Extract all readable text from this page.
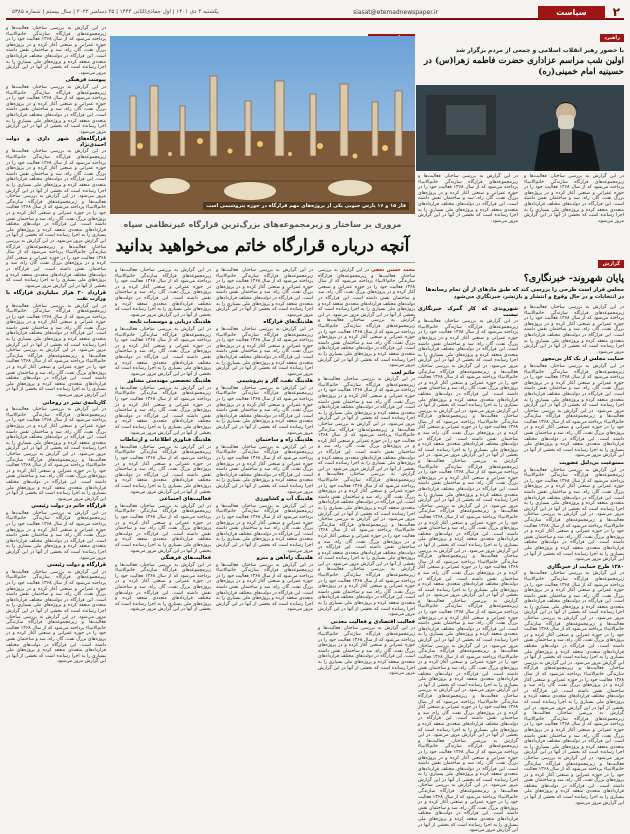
۲
سیاست
siasat@etemadnewspaper.ir
یکشنبه ۴ دی ۱۴۰۱ | اول جمادی‌الثانی ۱۴۴۴ | ۲۵ دسامبر ۲۰۲۲ | سال بیستم | شماره ۵۳۸۵
راهبرد
با حضور رهبر انقلاب اسلامی و جمعی از مردم برگزار شد
اولین شب مراسم عزاداری حضرت فاطمه زهرا(س) در حسینیه امام خمینی(ره)
در این گزارش به بررسی ساختار، فعالیت‌ها و زیرمجموعه‌های قرارگاه سازندگی خاتم‌الانبیاء پرداخته می‌شود که از سال ۱۳۶۸ فعالیت خود را در حوزه عمرانی و صنعتی آغاز کرده و در پروژه‌های بزرگ نفت، گاز، راه، سد و ساختمان نقش داشته است. این قرارگاه در دولت‌های مختلف قراردادهای متعددی منعقد کرده و پروژه‌های ملی بسیاری را به اجرا رسانده است که بخشی از آنها در این گزارش مرور می‌شود.
در این گزارش به بررسی ساختار، فعالیت‌ها و زیرمجموعه‌های قرارگاه سازندگی خاتم‌الانبیاء پرداخته می‌شود که از سال ۱۳۶۸ فعالیت خود را در حوزه عمرانی و صنعتی آغاز کرده و در پروژه‌های بزرگ نفت، گاز، راه، سد و ساختمان نقش داشته است. این قرارگاه در دولت‌های مختلف قراردادهای متعددی منعقد کرده و پروژه‌های ملی بسیاری را به اجرا رسانده است که بخشی از آنها در این گزارش مرور می‌شود.
گزارش
پایان شهروند- خبرنگاری؟
مجلس قرار است طرحی را بررسی کند که طبق مادهای از آن تمام رسانه‌ها در انتخابات و در حال وقوع و انتشار و بازنشر، خبرنگاری می‌شود
در این گزارش به بررسی ساختار، فعالیت‌ها و زیرمجموعه‌های قرارگاه سازندگی خاتم‌الانبیاء پرداخته می‌شود که از سال ۱۳۶۸ فعالیت خود را در حوزه عمرانی و صنعتی آغاز کرده و در پروژه‌های بزرگ نفت، گاز، راه، سد و ساختمان نقش داشته است. این قرارگاه در دولت‌های مختلف قراردادهای متعددی منعقد کرده و پروژه‌های ملی بسیاری را به اجرا رسانده است که بخشی از آنها در این گزارش مرور می‌شود.
حمایت مجلس از یک کار بی‌مجوز
در این گزارش به بررسی ساختار، فعالیت‌ها و زیرمجموعه‌های قرارگاه سازندگی خاتم‌الانبیاء پرداخته می‌شود که از سال ۱۳۶۸ فعالیت خود را در حوزه عمرانی و صنعتی آغاز کرده و در پروژه‌های بزرگ نفت، گاز، راه، سد و ساختمان نقش داشته است. این قرارگاه در دولت‌های مختلف قراردادهای متعددی منعقد کرده و پروژه‌های ملی بسیاری را به اجرا رسانده است که بخشی از آنها در این گزارش مرور می‌شود. در این گزارش به بررسی ساختار، فعالیت‌ها و زیرمجموعه‌های قرارگاه سازندگی خاتم‌الانبیاء پرداخته می‌شود که از سال ۱۳۶۸ فعالیت خود را در حوزه عمرانی و صنعتی آغاز کرده و در پروژه‌های بزرگ نفت، گاز، راه، سد و ساختمان نقش داشته است. این قرارگاه در دولت‌های مختلف قراردادهای متعددی منعقد کرده و پروژه‌های ملی بسیاری را به اجرا رسانده است که بخشی از آنها در این گزارش مرور می‌شود.
ممنوعیت بی‌دلیل عضویت
در این گزارش به بررسی ساختار، فعالیت‌ها و زیرمجموعه‌های قرارگاه سازندگی خاتم‌الانبیاء پرداخته می‌شود که از سال ۱۳۶۸ فعالیت خود را در حوزه عمرانی و صنعتی آغاز کرده و در پروژه‌های بزرگ نفت، گاز، راه، سد و ساختمان نقش داشته است. این قرارگاه در دولت‌های مختلف قراردادهای متعددی منعقد کرده و پروژه‌های ملی بسیاری را به اجرا رسانده است که بخشی از آنها در این گزارش مرور می‌شود. در این گزارش به بررسی ساختار، فعالیت‌ها و زیرمجموعه‌های قرارگاه سازندگی خاتم‌الانبیاء پرداخته می‌شود که از سال ۱۳۶۸ فعالیت خود را در حوزه عمرانی و صنعتی آغاز کرده و در پروژه‌های بزرگ نفت، گاز، راه، سد و ساختمان نقش داشته است. این قرارگاه در دولت‌های مختلف قراردادهای متعددی منعقد کرده و پروژه‌های ملی بسیاری را به اجرا رسانده است که بخشی از آنها در این گزارش مرور می‌شود.
۱۲۸۰ طرح حمایت از خبرنگاری
در این گزارش به بررسی ساختار، فعالیت‌ها و زیرمجموعه‌های قرارگاه سازندگی خاتم‌الانبیاء پرداخته می‌شود که از سال ۱۳۶۸ فعالیت خود را در حوزه عمرانی و صنعتی آغاز کرده و در پروژه‌های بزرگ نفت، گاز، راه، سد و ساختمان نقش داشته است. این قرارگاه در دولت‌های مختلف قراردادهای متعددی منعقد کرده و پروژه‌های ملی بسیاری را به اجرا رسانده است که بخشی از آنها در این گزارش مرور می‌شود. در این گزارش به بررسی ساختار، فعالیت‌ها و زیرمجموعه‌های قرارگاه سازندگی خاتم‌الانبیاء پرداخته می‌شود که از سال ۱۳۶۸ فعالیت خود را در حوزه عمرانی و صنعتی آغاز کرده و در پروژه‌های بزرگ نفت، گاز، راه، سد و ساختمان نقش داشته است. این قرارگاه در دولت‌های مختلف قراردادهای متعددی منعقد کرده و پروژه‌های ملی بسیاری را به اجرا رسانده است که بخشی از آنها در این گزارش مرور می‌شود. در این گزارش به بررسی ساختار، فعالیت‌ها و زیرمجموعه‌های قرارگاه سازندگی خاتم‌الانبیاء پرداخته می‌شود که از سال ۱۳۶۸ فعالیت خود را در حوزه عمرانی و صنعتی آغاز کرده و در پروژه‌های بزرگ نفت، گاز، راه، سد و ساختمان نقش داشته است. این قرارگاه در دولت‌های مختلف قراردادهای متعددی منعقد کرده و پروژه‌های ملی بسیاری را به اجرا رسانده است که بخشی از آنها در این گزارش مرور می‌شود. در این گزارش به بررسی ساختار، فعالیت‌ها و زیرمجموعه‌های قرارگاه سازندگی خاتم‌الانبیاء پرداخته می‌شود که از سال ۱۳۶۸ فعالیت خود را در حوزه عمرانی و صنعتی آغاز کرده و در پروژه‌های بزرگ نفت، گاز، راه، سد و ساختمان نقش داشته است. این قرارگاه در دولت‌های مختلف قراردادهای متعددی منعقد کرده و پروژه‌های ملی بسیاری را به اجرا رسانده است که بخشی از آنها در این گزارش مرور می‌شود. در این گزارش به بررسی ساختار، فعالیت‌ها و زیرمجموعه‌های قرارگاه سازندگی خاتم‌الانبیاء پرداخته می‌شود که از سال ۱۳۶۸ فعالیت خود را در حوزه عمرانی و صنعتی آغاز کرده و در پروژه‌های بزرگ نفت، گاز، راه، سد و ساختمان نقش داشته است. این قرارگاه در دولت‌های مختلف قراردادهای متعددی منعقد کرده و پروژه‌های ملی بسیاری را به اجرا رسانده است که بخشی از آنها در این گزارش مرور می‌شود.
شهروندی که کار گمرک خبرنگاری نیست
در این گزارش به بررسی ساختار، فعالیت‌ها و زیرمجموعه‌های قرارگاه سازندگی خاتم‌الانبیاء پرداخته می‌شود که از سال ۱۳۶۸ فعالیت خود را در حوزه عمرانی و صنعتی آغاز کرده و در پروژه‌های بزرگ نفت، گاز، راه، سد و ساختمان نقش داشته است. این قرارگاه در دولت‌های مختلف قراردادهای متعددی منعقد کرده و پروژه‌های ملی بسیاری را به اجرا رسانده است که بخشی از آنها در این گزارش مرور می‌شود. در این گزارش به بررسی ساختار، فعالیت‌ها و زیرمجموعه‌های قرارگاه سازندگی خاتم‌الانبیاء پرداخته می‌شود که از سال ۱۳۶۸ فعالیت خود را در حوزه عمرانی و صنعتی آغاز کرده و در پروژه‌های بزرگ نفت، گاز، راه، سد و ساختمان نقش داشته است. این قرارگاه در دولت‌های مختلف قراردادهای متعددی منعقد کرده و پروژه‌های ملی بسیاری را به اجرا رسانده است که بخشی از آنها در این گزارش مرور می‌شود. در این گزارش به بررسی ساختار، فعالیت‌ها و زیرمجموعه‌های قرارگاه سازندگی خاتم‌الانبیاء پرداخته می‌شود که از سال ۱۳۶۸ فعالیت خود را در حوزه عمرانی و صنعتی آغاز کرده و در پروژه‌های بزرگ نفت، گاز، راه، سد و ساختمان نقش داشته است. این قرارگاه در دولت‌های مختلف قراردادهای متعددی منعقد کرده و پروژه‌های ملی بسیاری را به اجرا رسانده است که بخشی از آنها در این گزارش مرور می‌شود. در این گزارش به بررسی ساختار، فعالیت‌ها و زیرمجموعه‌های قرارگاه سازندگی خاتم‌الانبیاء پرداخته می‌شود که از سال ۱۳۶۸ فعالیت خود را در حوزه عمرانی و صنعتی آغاز کرده و در پروژه‌های بزرگ نفت، گاز، راه، سد و ساختمان نقش داشته است. این قرارگاه در دولت‌های مختلف قراردادهای متعددی منعقد کرده و پروژه‌های ملی بسیاری را به اجرا رسانده است که بخشی از آنها در این گزارش مرور می‌شود. در این گزارش به بررسی ساختار، فعالیت‌ها و زیرمجموعه‌های قرارگاه سازندگی خاتم‌الانبیاء پرداخته می‌شود که از سال ۱۳۶۸ فعالیت خود را در حوزه عمرانی و صنعتی آغاز کرده و در پروژه‌های بزرگ نفت، گاز، راه، سد و ساختمان نقش داشته است. این قرارگاه در دولت‌های مختلف قراردادهای متعددی منعقد کرده و پروژه‌های ملی بسیاری را به اجرا رسانده است که بخشی از آنها در این گزارش مرور می‌شود. در این گزارش به بررسی ساختار، فعالیت‌ها و زیرمجموعه‌های قرارگاه سازندگی خاتم‌الانبیاء پرداخته می‌شود که از سال ۱۳۶۸ فعالیت خود را در حوزه عمرانی و صنعتی آغاز کرده و در پروژه‌های بزرگ نفت، گاز، راه، سد و ساختمان نقش داشته است. این قرارگاه در دولت‌های مختلف قراردادهای متعددی منعقد کرده و پروژه‌های ملی بسیاری را به اجرا رسانده است که بخشی از آنها در این گزارش مرور می‌شود. در این گزارش به بررسی ساختار، فعالیت‌ها و زیرمجموعه‌های قرارگاه سازندگی خاتم‌الانبیاء پرداخته می‌شود که از سال ۱۳۶۸ فعالیت خود را در حوزه عمرانی و صنعتی آغاز کرده و در پروژه‌های بزرگ نفت، گاز، راه، سد و ساختمان نقش داشته است. این قرارگاه در دولت‌های مختلف قراردادهای متعددی منعقد کرده و پروژه‌های ملی بسیاری را به اجرا رسانده است که بخشی از آنها در این گزارش مرور می‌شود. در این گزارش به بررسی ساختار، فعالیت‌ها و زیرمجموعه‌های قرارگاه سازندگی خاتم‌الانبیاء پرداخته می‌شود که از سال ۱۳۶۸ فعالیت خود را در حوزه عمرانی و صنعتی آغاز کرده و در پروژه‌های بزرگ نفت، گاز، راه، سد و ساختمان نقش داشته است. این قرارگاه در دولت‌های مختلف قراردادهای متعددی منعقد کرده و پروژه‌های ملی بسیاری را به اجرا رسانده است که بخشی از آنها در این گزارش مرور می‌شود. در این گزارش به بررسی ساختار، فعالیت‌ها و زیرمجموعه‌های قرارگاه سازندگی خاتم‌الانبیاء پرداخته می‌شود که از سال ۱۳۶۸ فعالیت خود را در حوزه عمرانی و صنعتی آغاز کرده و در پروژه‌های بزرگ نفت، گاز، راه، سد و ساختمان نقش داشته است. این قرارگاه در دولت‌های مختلف قراردادهای متعددی منعقد کرده و پروژه‌های ملی بسیاری را به اجرا رسانده است که بخشی از آنها در این گزارش مرور می‌شود. در این گزارش به بررسی ساختار، فعالیت‌ها و زیرمجموعه‌های قرارگاه سازندگی خاتم‌الانبیاء پرداخته می‌شود که از سال ۱۳۶۸ فعالیت خود را در حوزه عمرانی و صنعتی آغاز کرده و در پروژه‌های بزرگ نفت، گاز، راه، سد و ساختمان نقش داشته است. این قرارگاه در دولت‌های مختلف قراردادهای متعددی منعقد کرده و پروژه‌های ملی بسیاری را به اجرا رسانده است که بخشی از آنها در این گزارش مرور می‌شود. در این گزارش به بررسی ساختار، فعالیت‌ها و زیرمجموعه‌های قرارگاه سازندگی خاتم‌الانبیاء پرداخته می‌شود که از سال ۱۳۶۸ فعالیت خود را در حوزه عمرانی و صنعتی آغاز کرده و در پروژه‌های بزرگ نفت، گاز، راه، سد و ساختمان نقش داشته است. این قرارگاه در دولت‌های مختلف قراردادهای متعددی منعقد کرده و پروژه‌های ملی بسیاری را به اجرا رسانده است که بخشی از آنها در این گزارش مرور می‌شود.
فاز ۱۵ و ۱۶ پارس جنوبی یکی از پروژه‌های مهم قرارگاه در حوزه پتروشیمی است
مروری بر ساختار و زیرمجموعه‌های بزرگ‌ترین قرارگاه غیرنظامی سپاه
آنچه درباره قرارگاه خاتم می‌خواهید بدانید
محمد حسین نجفی در این گزارش به بررسی ساختار، فعالیت‌ها و زیرمجموعه‌های قرارگاه سازندگی خاتم‌الانبیاء پرداخته می‌شود که از سال ۱۳۶۸ فعالیت خود را در حوزه عمرانی و صنعتی آغاز کرده و در پروژه‌های بزرگ نفت، گاز، راه، سد و ساختمان نقش داشته است. این قرارگاه در دولت‌های مختلف قراردادهای متعددی منعقد کرده و پروژه‌های ملی بسیاری را به اجرا رسانده است که بخشی از آنها در این گزارش مرور می‌شود. در این گزارش به بررسی ساختار، فعالیت‌ها و زیرمجموعه‌های قرارگاه سازندگی خاتم‌الانبیاء پرداخته می‌شود که از سال ۱۳۶۸ فعالیت خود را در حوزه عمرانی و صنعتی آغاز کرده و در پروژه‌های بزرگ نفت، گاز، راه، سد و ساختمان نقش داشته است. این قرارگاه در دولت‌های مختلف قراردادهای متعددی منعقد کرده و پروژه‌های ملی بسیاری را به اجرا رسانده است که بخشی از آنها در این گزارش مرور می‌شود.
خاتم لغت
در این گزارش به بررسی ساختار، فعالیت‌ها و زیرمجموعه‌های قرارگاه سازندگی خاتم‌الانبیاء پرداخته می‌شود که از سال ۱۳۶۸ فعالیت خود را در حوزه عمرانی و صنعتی آغاز کرده و در پروژه‌های بزرگ نفت، گاز، راه، سد و ساختمان نقش داشته است. این قرارگاه در دولت‌های مختلف قراردادهای متعددی منعقد کرده و پروژه‌های ملی بسیاری را به اجرا رسانده است که بخشی از آنها در این گزارش مرور می‌شود. در این گزارش به بررسی ساختار، فعالیت‌ها و زیرمجموعه‌های قرارگاه سازندگی خاتم‌الانبیاء پرداخته می‌شود که از سال ۱۳۶۸ فعالیت خود را در حوزه عمرانی و صنعتی آغاز کرده و در پروژه‌های بزرگ نفت، گاز، راه، سد و ساختمان نقش داشته است. این قرارگاه در دولت‌های مختلف قراردادهای متعددی منعقد کرده و پروژه‌های ملی بسیاری را به اجرا رسانده است که بخشی از آنها در این گزارش مرور می‌شود. در این گزارش به بررسی ساختار، فعالیت‌ها و زیرمجموعه‌های قرارگاه سازندگی خاتم‌الانبیاء پرداخته می‌شود که از سال ۱۳۶۸ فعالیت خود را در حوزه عمرانی و صنعتی آغاز کرده و در پروژه‌های بزرگ نفت، گاز، راه، سد و ساختمان نقش داشته است. این قرارگاه در دولت‌های مختلف قراردادهای متعددی منعقد کرده و پروژه‌های ملی بسیاری را به اجرا رسانده است که بخشی از آنها در این گزارش مرور می‌شود. در این گزارش به بررسی ساختار، فعالیت‌ها و زیرمجموعه‌های قرارگاه سازندگی خاتم‌الانبیاء پرداخته می‌شود که از سال ۱۳۶۸ فعالیت خود را در حوزه عمرانی و صنعتی آغاز کرده و در پروژه‌های بزرگ نفت، گاز، راه، سد و ساختمان نقش داشته است. این قرارگاه در دولت‌های مختلف قراردادهای متعددی منعقد کرده و پروژه‌های ملی بسیاری را به اجرا رسانده است که بخشی از آنها در این گزارش مرور می‌شود. در این گزارش به بررسی ساختار، فعالیت‌ها و زیرمجموعه‌های قرارگاه سازندگی خاتم‌الانبیاء پرداخته می‌شود که از سال ۱۳۶۸ فعالیت خود را در حوزه عمرانی و صنعتی آغاز کرده و در پروژه‌های بزرگ نفت، گاز، راه، سد و ساختمان نقش داشته است. این قرارگاه در دولت‌های مختلف قراردادهای متعددی منعقد کرده و پروژه‌های ملی بسیاری را به اجرا رسانده است که بخشی از آنها در این گزارش مرور می‌شود.
فعالیت اقتصادی و فعالیت معدنی
در این گزارش به بررسی ساختار، فعالیت‌ها و زیرمجموعه‌های قرارگاه سازندگی خاتم‌الانبیاء پرداخته می‌شود که از سال ۱۳۶۸ فعالیت خود را در حوزه عمرانی و صنعتی آغاز کرده و در پروژه‌های بزرگ نفت، گاز، راه، سد و ساختمان نقش داشته است. این قرارگاه در دولت‌های مختلف قراردادهای متعددی منعقد کرده و پروژه‌های ملی بسیاری را به اجرا رسانده است که بخشی از آنها در این گزارش مرور می‌شود.
در این گزارش به بررسی ساختار، فعالیت‌ها و زیرمجموعه‌های قرارگاه سازندگی خاتم‌الانبیاء پرداخته می‌شود که از سال ۱۳۶۸ فعالیت خود را در حوزه عمرانی و صنعتی آغاز کرده و در پروژه‌های بزرگ نفت، گاز، راه، سد و ساختمان نقش داشته است. این قرارگاه در دولت‌های مختلف قراردادهای متعددی منعقد کرده و پروژه‌های ملی بسیاری را به اجرا رسانده است که بخشی از آنها در این گزارش مرور می‌شود.
هلدینگ‌های قرارگاه
در این گزارش به بررسی ساختار، فعالیت‌ها و زیرمجموعه‌های قرارگاه سازندگی خاتم‌الانبیاء پرداخته می‌شود که از سال ۱۳۶۸ فعالیت خود را در حوزه عمرانی و صنعتی آغاز کرده و در پروژه‌های بزرگ نفت، گاز، راه، سد و ساختمان نقش داشته است. این قرارگاه در دولت‌های مختلف قراردادهای متعددی منعقد کرده و پروژه‌های ملی بسیاری را به اجرا رسانده است که بخشی از آنها در این گزارش مرور می‌شود.
هلدینگ نفت، گاز و پتروشیمی
در این گزارش به بررسی ساختار، فعالیت‌ها و زیرمجموعه‌های قرارگاه سازندگی خاتم‌الانبیاء پرداخته می‌شود که از سال ۱۳۶۸ فعالیت خود را در حوزه عمرانی و صنعتی آغاز کرده و در پروژه‌های بزرگ نفت، گاز، راه، سد و ساختمان نقش داشته است. این قرارگاه در دولت‌های مختلف قراردادهای متعددی منعقد کرده و پروژه‌های ملی بسیاری را به اجرا رسانده است که بخشی از آنها در این گزارش مرور می‌شود.
هلدینگ راه و ساختمان
در این گزارش به بررسی ساختار، فعالیت‌ها و زیرمجموعه‌های قرارگاه سازندگی خاتم‌الانبیاء پرداخته می‌شود که از سال ۱۳۶۸ فعالیت خود را در حوزه عمرانی و صنعتی آغاز کرده و در پروژه‌های بزرگ نفت، گاز، راه، سد و ساختمان نقش داشته است. این قرارگاه در دولت‌های مختلف قراردادهای متعددی منعقد کرده و پروژه‌های ملی بسیاری را به اجرا رسانده است که بخشی از آنها در این گزارش مرور می‌شود.
هلدینگ آب و کشاورزی
در این گزارش به بررسی ساختار، فعالیت‌ها و زیرمجموعه‌های قرارگاه سازندگی خاتم‌الانبیاء پرداخته می‌شود که از سال ۱۳۶۸ فعالیت خود را در حوزه عمرانی و صنعتی آغاز کرده و در پروژه‌های بزرگ نفت، گاز، راه، سد و ساختمان نقش داشته است. این قرارگاه در دولت‌های مختلف قراردادهای متعددی منعقد کرده و پروژه‌های ملی بسیاری را به اجرا رسانده است که بخشی از آنها در این گزارش مرور می‌شود.
هلدینگ راه‌آهن و مترو
در این گزارش به بررسی ساختار، فعالیت‌ها و زیرمجموعه‌های قرارگاه سازندگی خاتم‌الانبیاء پرداخته می‌شود که از سال ۱۳۶۸ فعالیت خود را در حوزه عمرانی و صنعتی آغاز کرده و در پروژه‌های بزرگ نفت، گاز، راه، سد و ساختمان نقش داشته است. این قرارگاه در دولت‌های مختلف قراردادهای متعددی منعقد کرده و پروژه‌های ملی بسیاری را به اجرا رسانده است که بخشی از آنها در این گزارش مرور می‌شود.
در این گزارش به بررسی ساختار، فعالیت‌ها و زیرمجموعه‌های قرارگاه سازندگی خاتم‌الانبیاء پرداخته می‌شود که از سال ۱۳۶۸ فعالیت خود را در حوزه عمرانی و صنعتی آغاز کرده و در پروژه‌های بزرگ نفت، گاز، راه، سد و ساختمان نقش داشته است. این قرارگاه در دولت‌های مختلف قراردادهای متعددی منعقد کرده و پروژه‌های ملی بسیاری را به اجرا رسانده است که بخشی از آنها در این گزارش مرور می‌شود.
هلدینگ دریایی و موسسات تابعه
در این گزارش به بررسی ساختار، فعالیت‌ها و زیرمجموعه‌های قرارگاه سازندگی خاتم‌الانبیاء پرداخته می‌شود که از سال ۱۳۶۸ فعالیت خود را در حوزه عمرانی و صنعتی آغاز کرده و در پروژه‌های بزرگ نفت، گاز، راه، سد و ساختمان نقش داشته است. این قرارگاه در دولت‌های مختلف قراردادهای متعددی منعقد کرده و پروژه‌های ملی بسیاری را به اجرا رسانده است که بخشی از آنها در این گزارش مرور می‌شود.
هلدینگ تخصصی مهندسی مشاور
در این گزارش به بررسی ساختار، فعالیت‌ها و زیرمجموعه‌های قرارگاه سازندگی خاتم‌الانبیاء پرداخته می‌شود که از سال ۱۳۶۸ فعالیت خود را در حوزه عمرانی و صنعتی آغاز کرده و در پروژه‌های بزرگ نفت، گاز، راه، سد و ساختمان نقش داشته است. این قرارگاه در دولت‌های مختلف قراردادهای متعددی منعقد کرده و پروژه‌های ملی بسیاری را به اجرا رسانده است که بخشی از آنها در این گزارش مرور می‌شود.
هلدینگ فناوری اطلاعات و ارتباطات
در این گزارش به بررسی ساختار، فعالیت‌ها و زیرمجموعه‌های قرارگاه سازندگی خاتم‌الانبیاء پرداخته می‌شود که از سال ۱۳۶۸ فعالیت خود را در حوزه عمرانی و صنعتی آغاز کرده و در پروژه‌های بزرگ نفت، گاز، راه، سد و ساختمان نقش داشته است. این قرارگاه در دولت‌های مختلف قراردادهای متعددی منعقد کرده و پروژه‌های ملی بسیاری را به اجرا رسانده است که بخشی از آنها در این گزارش مرور می‌شود.
فعالیت‌های اجتماعی
در این گزارش به بررسی ساختار، فعالیت‌ها و زیرمجموعه‌های قرارگاه سازندگی خاتم‌الانبیاء پرداخته می‌شود که از سال ۱۳۶۸ فعالیت خود را در حوزه عمرانی و صنعتی آغاز کرده و در پروژه‌های بزرگ نفت، گاز، راه، سد و ساختمان نقش داشته است. این قرارگاه در دولت‌های مختلف قراردادهای متعددی منعقد کرده و پروژه‌های ملی بسیاری را به اجرا رسانده است که بخشی از آنها در این گزارش مرور می‌شود.
فعالیت‌های فرهنگی
در این گزارش به بررسی ساختار، فعالیت‌ها و زیرمجموعه‌های قرارگاه سازندگی خاتم‌الانبیاء پرداخته می‌شود که از سال ۱۳۶۸ فعالیت خود را در حوزه عمرانی و صنعتی آغاز کرده و در پروژه‌های بزرگ نفت، گاز، راه، سد و ساختمان نقش داشته است. این قرارگاه در دولت‌های مختلف قراردادهای متعددی منعقد کرده و پروژه‌های ملی بسیاری را به اجرا رسانده است که بخشی از آنها در این گزارش مرور می‌شود.
در این گزارش به بررسی ساختار، فعالیت‌ها و زیرمجموعه‌های قرارگاه سازندگی خاتم‌الانبیاء پرداخته می‌شود که از سال ۱۳۶۸ فعالیت خود را در حوزه عمرانی و صنعتی آغاز کرده و در پروژه‌های بزرگ نفت، گاز، راه، سد و ساختمان نقش داشته است. این قرارگاه در دولت‌های مختلف قراردادهای متعددی منعقد کرده و پروژه‌های ملی بسیاری را به اجرا رسانده است که بخشی از آنها در این گزارش مرور می‌شود.
پیوست فرهنگی
در این گزارش به بررسی ساختار، فعالیت‌ها و زیرمجموعه‌های قرارگاه سازندگی خاتم‌الانبیاء پرداخته می‌شود که از سال ۱۳۶۸ فعالیت خود را در حوزه عمرانی و صنعتی آغاز کرده و در پروژه‌های بزرگ نفت، گاز، راه، سد و ساختمان نقش داشته است. این قرارگاه در دولت‌های مختلف قراردادهای متعددی منعقد کرده و پروژه‌های ملی بسیاری را به اجرا رسانده است که بخشی از آنها در این گزارش مرور می‌شود.
قرارگاه‌های شهر داری و دولت احمدی‌نژاد
در این گزارش به بررسی ساختار، فعالیت‌ها و زیرمجموعه‌های قرارگاه سازندگی خاتم‌الانبیاء پرداخته می‌شود که از سال ۱۳۶۸ فعالیت خود را در حوزه عمرانی و صنعتی آغاز کرده و در پروژه‌های بزرگ نفت، گاز، راه، سد و ساختمان نقش داشته است. این قرارگاه در دولت‌های مختلف قراردادهای متعددی منعقد کرده و پروژه‌های ملی بسیاری را به اجرا رسانده است که بخشی از آنها در این گزارش مرور می‌شود. در این گزارش به بررسی ساختار، فعالیت‌ها و زیرمجموعه‌های قرارگاه سازندگی خاتم‌الانبیاء پرداخته می‌شود که از سال ۱۳۶۸ فعالیت خود را در حوزه عمرانی و صنعتی آغاز کرده و در پروژه‌های بزرگ نفت، گاز، راه، سد و ساختمان نقش داشته است. این قرارگاه در دولت‌های مختلف قراردادهای متعددی منعقد کرده و پروژه‌های ملی بسیاری را به اجرا رسانده است که بخشی از آنها در این گزارش مرور می‌شود. در این گزارش به بررسی ساختار، فعالیت‌ها و زیرمجموعه‌های قرارگاه سازندگی خاتم‌الانبیاء پرداخته می‌شود که از سال ۱۳۶۸ فعالیت خود را در حوزه عمرانی و صنعتی آغاز کرده و در پروژه‌های بزرگ نفت، گاز، راه، سد و ساختمان نقش داشته است. این قرارگاه در دولت‌های مختلف قراردادهای متعددی منعقد کرده و پروژه‌های ملی بسیاری را به اجرا رسانده است که بخشی از آنها در این گزارش مرور می‌شود.
قرارداد ۲۰ هزار میلیاردی قرارگاه با وزارت نفت
در این گزارش به بررسی ساختار، فعالیت‌ها و زیرمجموعه‌های قرارگاه سازندگی خاتم‌الانبیاء پرداخته می‌شود که از سال ۱۳۶۸ فعالیت خود را در حوزه عمرانی و صنعتی آغاز کرده و در پروژه‌های بزرگ نفت، گاز، راه، سد و ساختمان نقش داشته است. این قرارگاه در دولت‌های مختلف قراردادهای متعددی منعقد کرده و پروژه‌های ملی بسیاری را به اجرا رسانده است که بخشی از آنها در این گزارش مرور می‌شود. در این گزارش به بررسی ساختار، فعالیت‌ها و زیرمجموعه‌های قرارگاه سازندگی خاتم‌الانبیاء پرداخته می‌شود که از سال ۱۳۶۸ فعالیت خود را در حوزه عمرانی و صنعتی آغاز کرده و در پروژه‌های بزرگ نفت، گاز، راه، سد و ساختمان نقش داشته است. این قرارگاه در دولت‌های مختلف قراردادهای متعددی منعقد کرده و پروژه‌های ملی بسیاری را به اجرا رسانده است که بخشی از آنها در این گزارش مرور می‌شود.
کارنامه‌ی نشر در روحانی
در این گزارش به بررسی ساختار، فعالیت‌ها و زیرمجموعه‌های قرارگاه سازندگی خاتم‌الانبیاء پرداخته می‌شود که از سال ۱۳۶۸ فعالیت خود را در حوزه عمرانی و صنعتی آغاز کرده و در پروژه‌های بزرگ نفت، گاز، راه، سد و ساختمان نقش داشته است. این قرارگاه در دولت‌های مختلف قراردادهای متعددی منعقد کرده و پروژه‌های ملی بسیاری را به اجرا رسانده است که بخشی از آنها در این گزارش مرور می‌شود. در این گزارش به بررسی ساختار، فعالیت‌ها و زیرمجموعه‌های قرارگاه سازندگی خاتم‌الانبیاء پرداخته می‌شود که از سال ۱۳۶۸ فعالیت خود را در حوزه عمرانی و صنعتی آغاز کرده و در پروژه‌های بزرگ نفت، گاز، راه، سد و ساختمان نقش داشته است. این قرارگاه در دولت‌های مختلف قراردادهای متعددی منعقد کرده و پروژه‌های ملی بسیاری را به اجرا رسانده است که بخشی از آنها در این گزارش مرور می‌شود.
قرارگاه خاتم در دولت رئیسی
در این گزارش به بررسی ساختار، فعالیت‌ها و زیرمجموعه‌های قرارگاه سازندگی خاتم‌الانبیاء پرداخته می‌شود که از سال ۱۳۶۸ فعالیت خود را در حوزه عمرانی و صنعتی آغاز کرده و در پروژه‌های بزرگ نفت، گاز، راه، سد و ساختمان نقش داشته است. این قرارگاه در دولت‌های مختلف قراردادهای متعددی منعقد کرده و پروژه‌های ملی بسیاری را به اجرا رسانده است که بخشی از آنها در این گزارش مرور می‌شود.
قرارگاه و دولت رئیسی
در این گزارش به بررسی ساختار، فعالیت‌ها و زیرمجموعه‌های قرارگاه سازندگی خاتم‌الانبیاء پرداخته می‌شود که از سال ۱۳۶۸ فعالیت خود را در حوزه عمرانی و صنعتی آغاز کرده و در پروژه‌های بزرگ نفت، گاز، راه، سد و ساختمان نقش داشته است. این قرارگاه در دولت‌های مختلف قراردادهای متعددی منعقد کرده و پروژه‌های ملی بسیاری را به اجرا رسانده است که بخشی از آنها در این گزارش مرور می‌شود. در این گزارش به بررسی ساختار، فعالیت‌ها و زیرمجموعه‌های قرارگاه سازندگی خاتم‌الانبیاء پرداخته می‌شود که از سال ۱۳۶۸ فعالیت خود را در حوزه عمرانی و صنعتی آغاز کرده و در پروژه‌های بزرگ نفت، گاز، راه، سد و ساختمان نقش داشته است. این قرارگاه در دولت‌های مختلف قراردادهای متعددی منعقد کرده و پروژه‌های ملی بسیاری را به اجرا رسانده است که بخشی از آنها در این گزارش مرور می‌شود.
